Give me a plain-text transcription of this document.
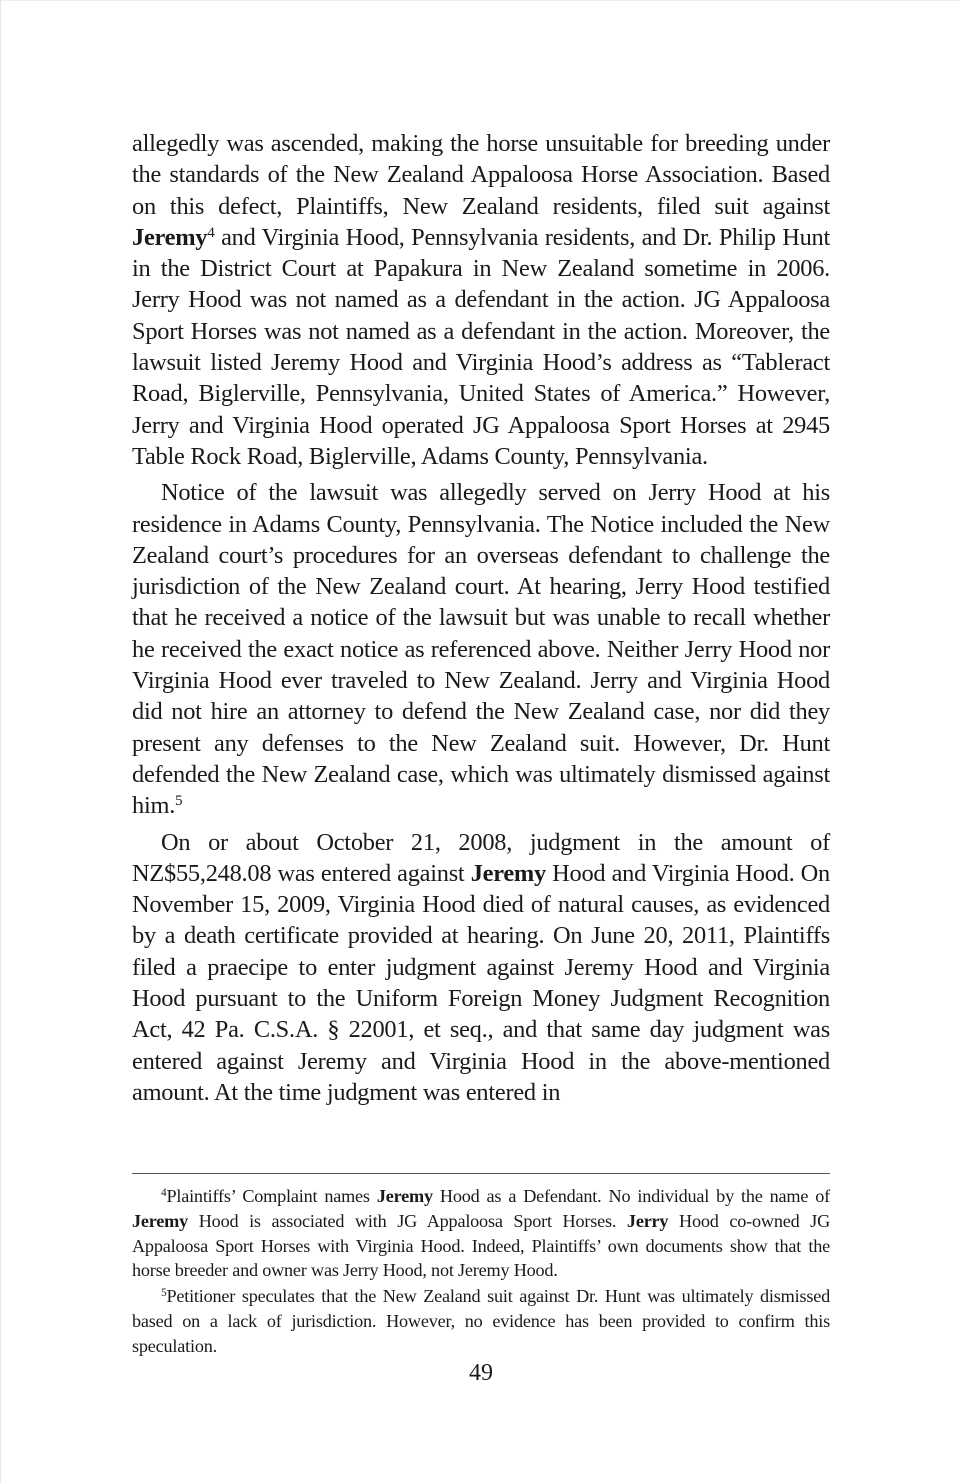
allegedly was ascended, making the horse unsuitable for breeding under the standards of the New Zealand Appaloosa Horse Association. Based on this defect, Plaintiffs, New Zealand residents, filed suit against Jeremy$^4$ and Virginia Hood, Pennsylvania residents, and Dr. Philip Hunt in the District Court at Papakura in New Zealand sometime in 2006. Jerry Hood was not named as a defendant in the action. JG Appaloosa Sport Horses was not named as a defendant in the action. Moreover, the lawsuit listed Jeremy Hood and Virginia Hood’s address as “Tableract Road, Biglerville, Pennsylvania, United States of America.” However, Jerry and Virginia Hood operated JG Appaloosa Sport Horses at 2945 Table Rock Road, Biglerville, Adams County, Pennsylvania.

Notice of the lawsuit was allegedly served on Jerry Hood at his residence in Adams County, Pennsylvania. The Notice included the New Zealand court’s procedures for an overseas defendant to challenge the jurisdiction of the New Zealand court. At hearing, Jerry Hood testified that he received a notice of the lawsuit but was unable to recall whether he received the exact notice as referenced above. Neither Jerry Hood nor Virginia Hood ever traveled to New Zealand. Jerry and Virginia Hood did not hire an attorney to defend the New Zealand case, nor did they present any defenses to the New Zealand suit. However, Dr. Hunt defended the New Zealand case, which was ultimately dismissed against him.$^5$

On or about October 21, 2008, judgment in the amount of NZ$55,248.08 was entered against Jeremy Hood and Virginia Hood. On November 15, 2009, Virginia Hood died of natural causes, as evidenced by a death certificate provided at hearing. On June 20, 2011, Plaintiffs filed a praecipe to enter judgment against Jeremy Hood and Virginia Hood pursuant to the Uniform Foreign Money Judgment Recognition Act, 42 Pa. C.S.A. § 22001, et seq., and that same day judgment was entered against Jeremy and Virginia Hood in the above-mentioned amount. At the time judgment was entered in

$^4$Plaintiffs’ Complaint names Jeremy Hood as a Defendant. No individual by the name of Jeremy Hood is associated with JG Appaloosa Sport Horses. Jerry Hood co-owned JG Appaloosa Sport Horses with Virginia Hood. Indeed, Plaintiffs’ own documents show that the horse breeder and owner was Jerry Hood, not Jeremy Hood.

$^5$Petitioner speculates that the New Zealand suit against Dr. Hunt was ultimately dismissed based on a lack of jurisdiction. However, no evidence has been provided to confirm this speculation.

49
